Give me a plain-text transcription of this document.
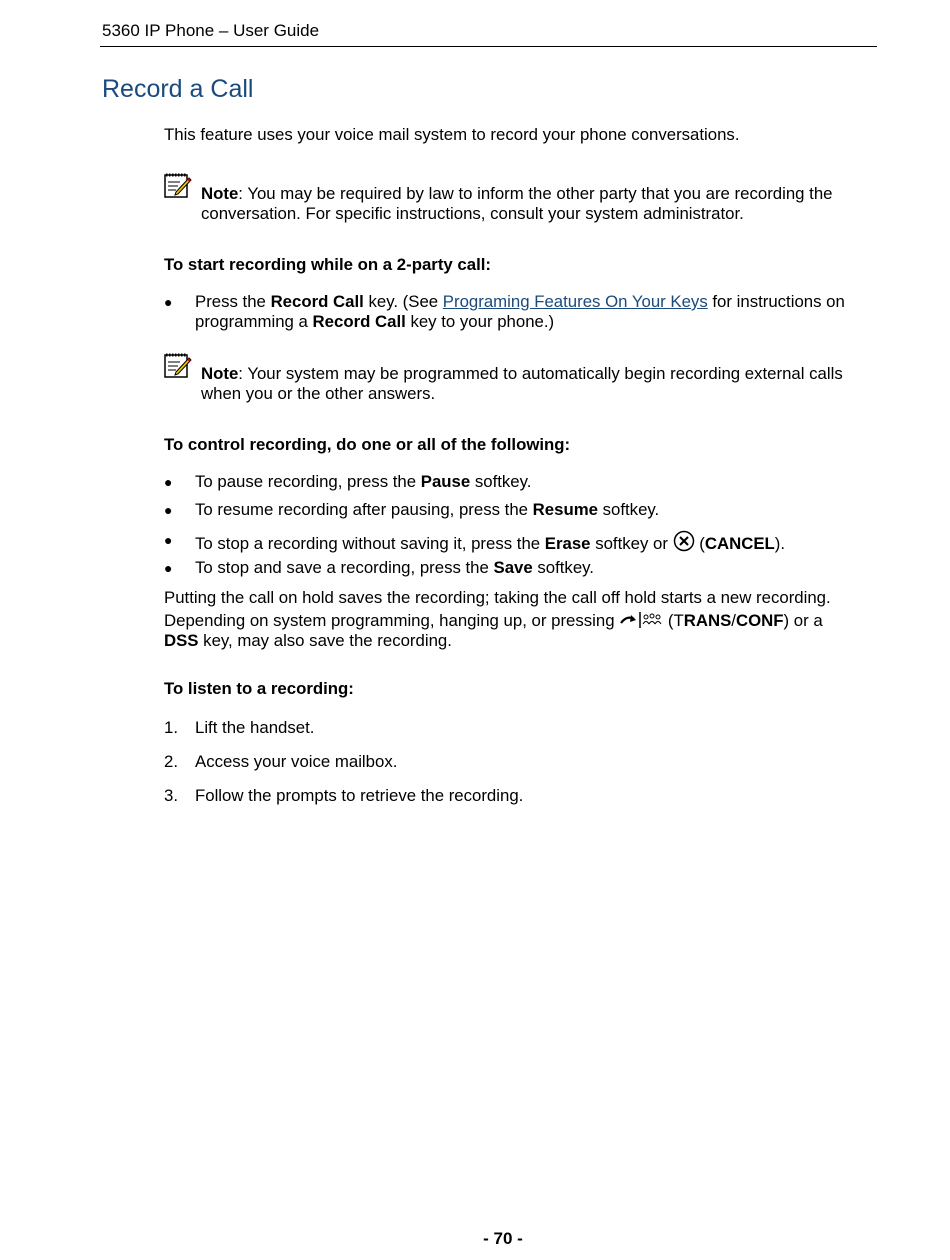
5360 IP Phone – User Guide
Record a Call
This feature uses your voice mail system to record your phone conversations.
Note: You may be required by law to inform the other party that you are recording the
conversation. For specific instructions, consult your system administrator.
To start recording while on a 2-party call:
● Press the Record Call key. (See Programing Features On Your Keys for instructions on
programming a Record Call key to your phone.)
Note: Your system may be programmed to automatically begin recording external calls
when you or the other answers.
To control recording, do one or all of the following:
● To pause recording, press the Pause softkey.
● To resume recording after pausing, press the Resume softkey.
● To stop a recording without saving it, press the Erase softkey or  (CANCEL).
● To stop and save a recording, press the Save softkey.
Putting the call on hold saves the recording; taking the call off hold starts a new recording.
Depending on system programming, hanging up, or pressing	(TRANS/CONF) or a
DSS key, may also save the recording.
To listen to a recording:
1. Lift the handset.
2. Access your voice mailbox.
3. Follow the prompts to retrieve the recording.
- 70 -
